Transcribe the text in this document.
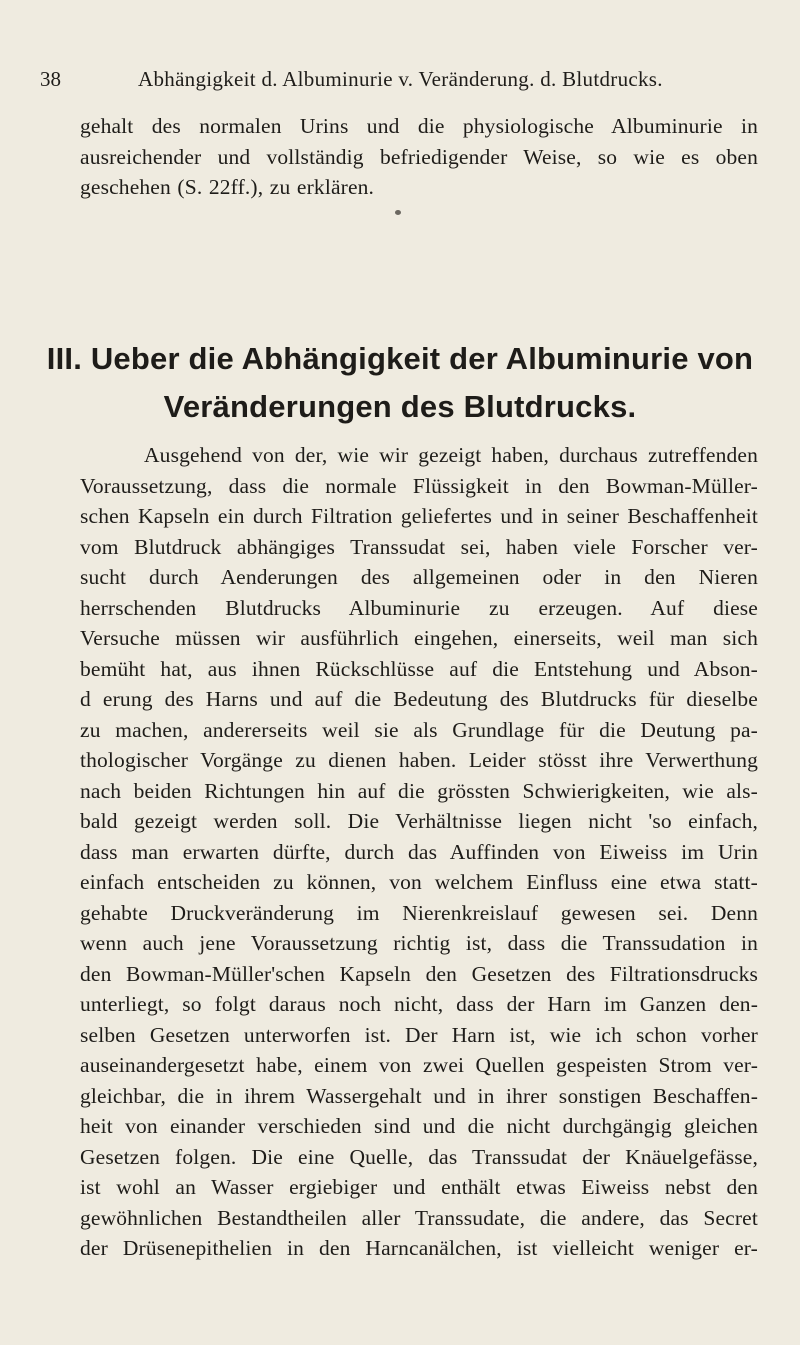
38	Abhängigkeit d. Albuminurie v. Veränderung. d. Blutdrucks.
gehalt des normalen Urins und die physiologische Albuminurie in
ausreichender und vollständig befriedigender Weise, so wie es oben
geschehen (S. 22ff.), zu erklären.
III. Ueber die Abhängigkeit der Albuminurie von
Veränderungen des Blutdrucks.
Ausgehend von der, wie wir gezeigt haben, durchaus zutreffenden
Voraussetzung, dass die normale Flüssigkeit in den Bowman-Müller-
schen Kapseln ein durch Filtration geliefertes und in seiner Beschaffenheit
vom Blutdruck abhängiges Transsudat sei, haben viele Forscher ver-
sucht durch Aenderungen des allgemeinen oder in den Nieren
herrschenden Blutdrucks Albuminurie zu erzeugen. Auf diese
Versuche müssen wir ausführlich eingehen, einerseits, weil man sich
bemüht hat, aus ihnen Rückschlüsse auf die Entstehung und Abson-
d erung des Harns und auf die Bedeutung des Blutdrucks für dieselbe
zu machen, andererseits weil sie als Grundlage für die Deutung pa-
thologischer Vorgänge zu dienen haben. Leider stösst ihre Verwerthung
nach beiden Richtungen hin auf die grössten Schwierigkeiten, wie als-
bald gezeigt werden soll. Die Verhältnisse liegen nicht 'so einfach,
dass man erwarten dürfte, durch das Auffinden von Eiweiss im Urin
einfach entscheiden zu können, von welchem Einfluss eine etwa statt-
gehabte Druckveränderung im Nierenkreislauf gewesen sei. Denn
wenn auch jene Voraussetzung richtig ist, dass die Transsudation in
den Bowman-Müller'schen Kapseln den Gesetzen des Filtrationsdrucks
unterliegt, so folgt daraus noch nicht, dass der Harn im Ganzen den-
selben Gesetzen unterworfen ist. Der Harn ist, wie ich schon vorher
auseinandergesetzt habe, einem von zwei Quellen gespeisten Strom ver-
gleichbar, die in ihrem Wassergehalt und in ihrer sonstigen Beschaffen-
heit von einander verschieden sind und die nicht durchgängig gleichen
Gesetzen folgen. Die eine Quelle, das Transsudat der Knäuelgefässe,
ist wohl an Wasser ergiebiger und enthält etwas Eiweiss nebst den
gewöhnlichen Bestandtheilen aller Transsudate, die andere, das Secret
der Drüsenepithelien in den Harncanälchen, ist vielleicht weniger er-
